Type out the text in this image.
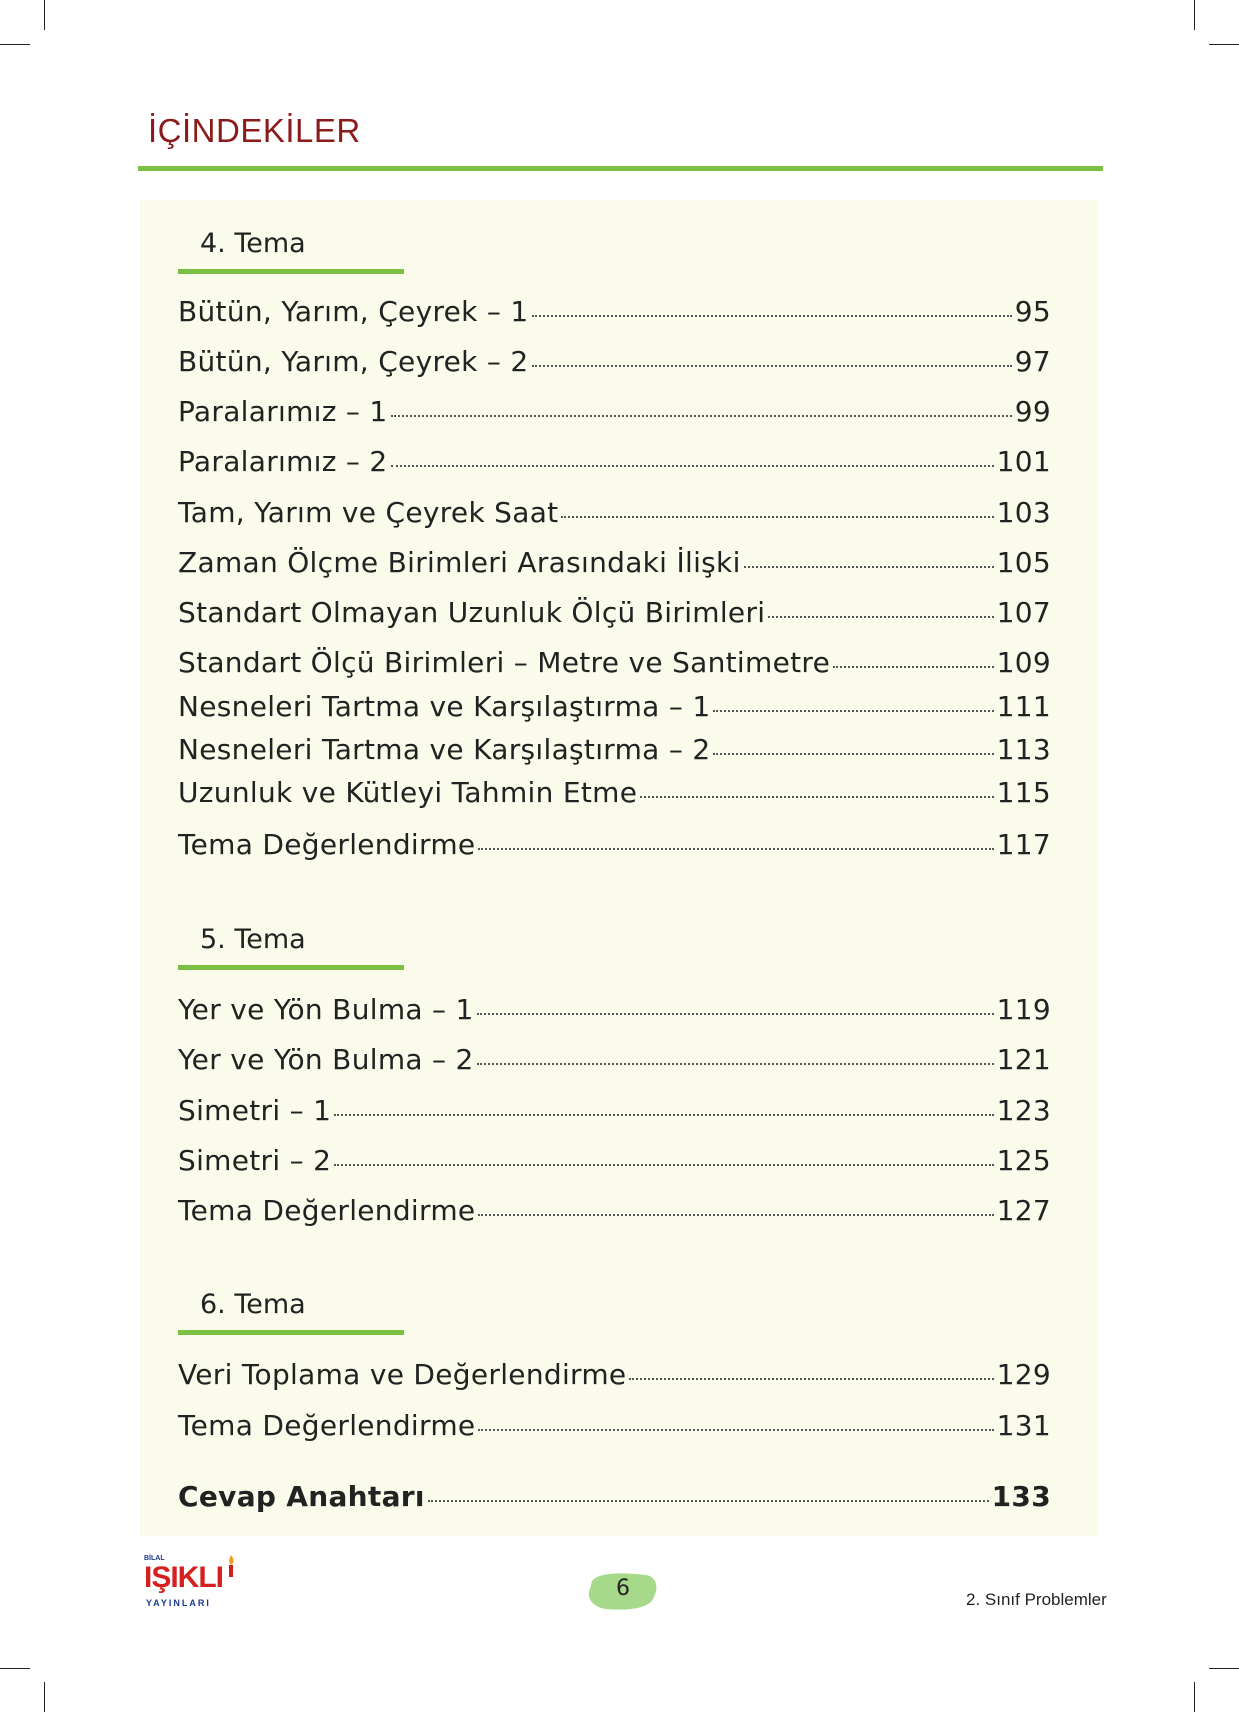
İÇİNDEKİLER
4. Tema
Bütün, Yarım, Çeyrek – 1	95
Bütün, Yarım, Çeyrek – 2	97
Paralarımız – 1	99
Paralarımız – 2	101
Tam, Yarım ve Çeyrek Saat	103
Zaman Ölçme Birimleri Arasındaki İlişki	105
Standart Olmayan Uzunluk Ölçü Birimleri	107
Standart Ölçü Birimleri – Metre ve Santimetre	109
Nesneleri Tartma ve Karşılaştırma – 1	111
Nesneleri Tartma ve Karşılaştırma – 2	113
Uzunluk ve Kütleyi Tahmin Etme	115
Tema Değerlendirme	117
5. Tema
Yer ve Yön Bulma – 1	119
Yer ve Yön Bulma – 2	121
Simetri – 1	123
Simetri – 2	125
Tema Değerlendirme	127
6. Tema
Veri Toplama ve Değerlendirme	129
Tema Değerlendirme	131
Cevap Anahtarı	133
BİLAL
IŞIKLI
YAYINLARI
6	2. Sınıf Problemler
